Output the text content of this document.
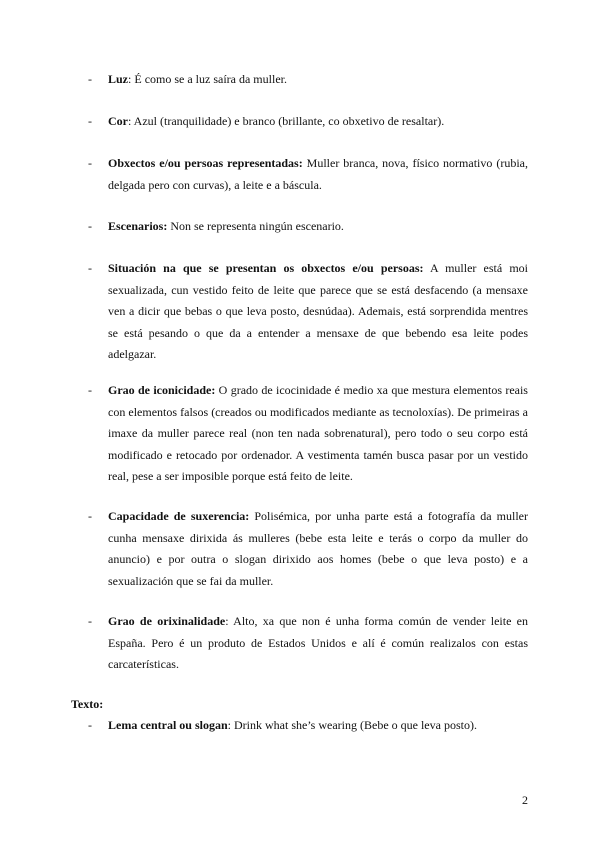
- Luz: É como se a luz saíra da muller.
- Cor: Azul (tranquilidade) e branco (brillante, co obxetivo de resaltar).
- Obxectos e/ou persoas representadas: Muller branca, nova, físico normativo (rubia, delgada pero con curvas), a leite e a báscula.
- Escenarios: Non se representa ningún escenario.
- Situación na que se presentan os obxectos e/ou persoas: A muller está moi sexualizada, cun vestido feito de leite que parece que se está desfacendo (a mensaxe ven a dicir que bebas o que leva posto, desnúdaa). Ademais, está sorprendida mentres se está pesando o que da a entender a mensaxe de que bebendo esa leite podes adelgazar.
- Grao de iconicidade: O grado de icocinidade é medio xa que mestura elementos reais con elementos falsos (creados ou modificados mediante as tecnoloxías). De primeiras a imaxe da muller parece real (non ten nada sobrenatural), pero todo o seu corpo está modificado e retocado por ordenador. A vestimenta tamén busca pasar por un vestido real, pese a ser imposible porque está feito de leite.
- Capacidade de suxerencia: Polisémica, por unha parte está a fotografía da muller cunha mensaxe dirixida ás mulleres (bebe esta leite e terás o corpo da muller do anuncio) e por outra o slogan dirixido aos homes (bebe o que leva posto) e a sexualización que se fai da muller.
- Grao de orixinalidade: Alto, xa que non é unha forma común de vender leite en España. Pero é un produto de Estados Unidos e alí é común realizalos con estas carcaterísticas.
Texto:
- Lema central ou slogan: Drink what she’s wearing (Bebe o que leva posto).
2
